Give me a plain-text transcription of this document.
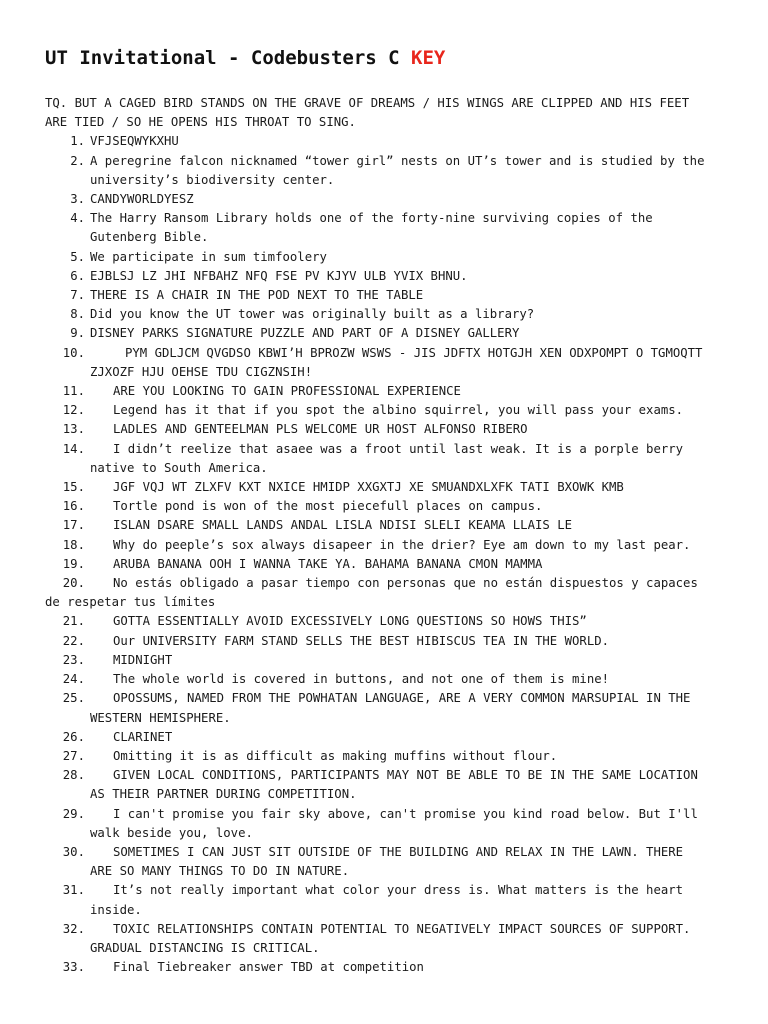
UT Invitational - Codebusters C KEY

TQ. BUT A CAGED BIRD STANDS ON THE GRAVE OF DREAMS / HIS WINGS ARE CLIPPED AND HIS FEET
ARE TIED / SO HE OPENS HIS THROAT TO SING.

1. VFJSEQWYKXHU
2. A peregrine falcon nicknamed “tower girl” nests on UT’s tower and is studied by the
university’s biodiversity center.
3. CANDYWORLDYESZ
4. The Harry Ransom Library holds one of the forty-nine surviving copies of the
Gutenberg Bible.
5. We participate in sum timfoolery
6. EJBLSJ LZ JHI NFBAHZ NFQ FSE PV KJYV ULB YVIX BHNU.
7. THERE IS A CHAIR IN THE POD NEXT TO THE TABLE
8. Did you know the UT tower was originally built as a library?
9. DISNEY PARKS SIGNATURE PUZZLE AND PART OF A DISNEY GALLERY
10.	PYM GDLJCM QVGDSO KBWI’H BPROZW WSWS - JIS JDFTX HOTGJH XEN ODXPOMPT O TGMOQTT
ZJXOZF HJU OEHSE TDU CIGZNSIH!
11. ARE YOU LOOKING TO GAIN PROFESSIONAL EXPERIENCE
12. Legend has it that if you spot the albino squirrel, you will pass your exams.
13. LADLES AND GENTEELMAN PLS WELCOME UR HOST ALFONSO RIBERO
14. I didn’t reelize that asaee was a froot until last weak. It is a porple berry
native to South America.
15. JGF VQJ WT ZLXFV KXT NXICE HMIDP XXGXTJ XE SMUANDXLXFK TATI BXOWK KMB
16. Tortle pond is won of the most piecefull places on campus.
17. ISLAN DSARE SMALL LANDS ANDAL LISLA NDISI SLELI KEAMA LLAIS LE
18. Why do peeple’s sox always disapeer in the drier? Eye am down to my last pear.
19. ARUBA BANANA OOH I WANNA TAKE YA. BAHAMA BANANA CMON MAMMA
20. No estás obligado a pasar tiempo con personas que no están dispuestos y capaces
de respetar tus límites
21. GOTTA ESSENTIALLY AVOID EXCESSIVELY LONG QUESTIONS SO HOWS THIS”
22. Our UNIVERSITY FARM STAND SELLS THE BEST HIBISCUS TEA IN THE WORLD.
23. MIDNIGHT
24. The whole world is covered in buttons, and not one of them is mine!
25. OPOSSUMS, NAMED FROM THE POWHATAN LANGUAGE, ARE A VERY COMMON MARSUPIAL IN THE
WESTERN HEMISPHERE.
26. CLARINET
27. Omitting it is as difficult as making muffins without flour.
28. GIVEN LOCAL CONDITIONS, PARTICIPANTS MAY NOT BE ABLE TO BE IN THE SAME LOCATION
AS THEIR PARTNER DURING COMPETITION.
29. I can't promise you fair sky above, can't promise you kind road below. But I'll
walk beside you, love.
30. SOMETIMES I CAN JUST SIT OUTSIDE OF THE BUILDING AND RELAX IN THE LAWN. THERE
ARE SO MANY THINGS TO DO IN NATURE.
31. It’s not really important what color your dress is. What matters is the heart
inside.
32. TOXIC RELATIONSHIPS CONTAIN POTENTIAL TO NEGATIVELY IMPACT SOURCES OF SUPPORT.
GRADUAL DISTANCING IS CRITICAL.
33. Final Tiebreaker answer TBD at competition
